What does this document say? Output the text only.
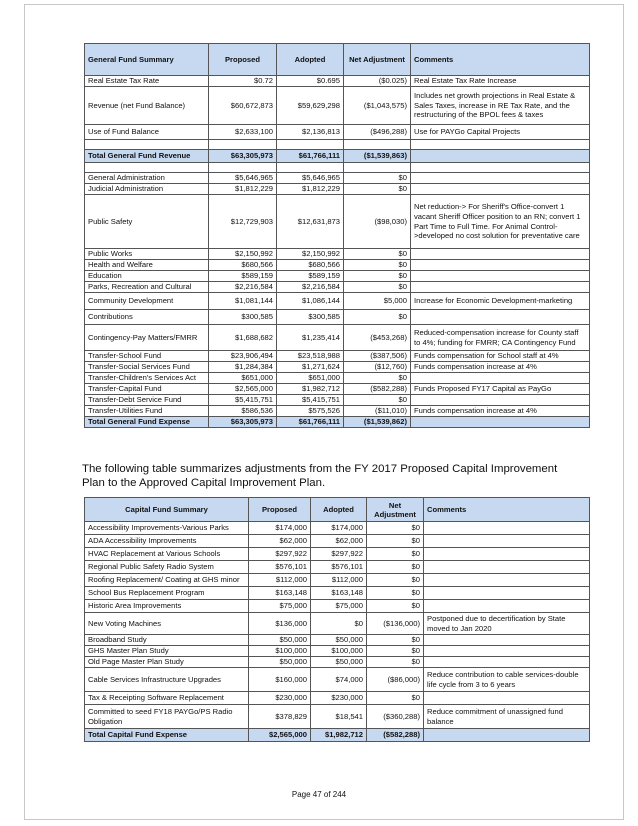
General Fund Summary	Proposed	Adopted	Net Adjustment	Comments
Real Estate Tax Rate	$0.72	$0.695	($0.025)	Real Estate Tax Rate Increase
Revenue (net Fund Balance)	$60,672,873	$59,629,298	($1,043,575)	Includes net growth projections in Real Estate & Sales Taxes, increase in RE Tax Rate, and the restructuring of the BPOL fees & taxes
Use of Fund Balance	$2,633,100	$2,136,813	($496,288)	Use for PAYGo Capital Projects

Total General Fund Revenue	$63,305,973	$61,766,111	($1,539,863)	

General Administration	$5,646,965	$5,646,965	$0	
Judicial Administration	$1,812,229	$1,812,229	$0	
Public Safety	$12,729,903	$12,631,873	($98,030)	Net reduction-> For Sheriff's Office-convert 1 vacant Sheriff Officer position to an RN; convert 1 Part Time to Full Time. For Animal Control->developed no cost solution for preventative care
Public Works	$2,150,992	$2,150,992	$0	
Health and Welfare	$680,566	$680,566	$0	
Education	$589,159	$589,159	$0	
Parks, Recreation and Cultural	$2,216,584	$2,216,584	$0	
Community Development	$1,081,144	$1,086,144	$5,000	Increase for Economic Development-marketing
Contributions	$300,585	$300,585	$0	
Contingency-Pay Matters/FMRR	$1,688,682	$1,235,414	($453,268)	Reduced-compensation increase for County staff to 4%; funding for FMRR; CA Contingency Fund
Transfer-School Fund	$23,906,494	$23,518,988	($387,506)	Funds compensation for School staff at 4%
Transfer-Social Services Fund	$1,284,384	$1,271,624	($12,760)	Funds compensation increase at 4%
Transfer-Children's Services Act	$651,000	$651,000	$0	
Transfer-Capital Fund	$2,565,000	$1,982,712	($582,288)	Funds Proposed FY17 Capital as PayGo
Transfer-Debt Service Fund	$5,415,751	$5,415,751	$0	
Transfer-Utilities Fund	$586,536	$575,526	($11,010)	Funds compensation increase at 4%
Total General Fund Expense	$63,305,973	$61,766,111	($1,539,862)	
The following table summarizes adjustments from the FY 2017 Proposed Capital Improvement Plan to the Approved Capital Improvement Plan.
Capital Fund Summary	Proposed	Adopted	Net Adjustment	Comments
Accessibility Improvements-Various Parks	$174,000	$174,000	$0	
ADA Accessibility Improvements	$62,000	$62,000	$0	
HVAC Replacement at Various Schools	$297,922	$297,922	$0	
Regional Public Safety Radio System	$576,101	$576,101	$0	
Roofing Replacement/ Coating at GHS minor	$112,000	$112,000	$0	
School Bus Replacement Program	$163,148	$163,148	$0	
Historic Area Improvements	$75,000	$75,000	$0	
New Voting Machines	$136,000	$0	($136,000)	Postponed due to decertification by State moved to Jan 2020
Broadband Study	$50,000	$50,000	$0	
GHS Master Plan Study	$100,000	$100,000	$0	
Old Page Master Plan Study	$50,000	$50,000	$0	
Cable Services Infrastructure Upgrades	$160,000	$74,000	($86,000)	Reduce contribution to cable services-double life cycle from 3 to 6 years
Tax & Receipting Software Replacement	$230,000	$230,000	$0	
Committed to seed FY18 PAYGo/PS Radio Obligation	$378,829	$18,541	($360,288)	Reduce commitment of unassigned fund balance
Total Capital Fund Expense	$2,565,000	$1,982,712	($582,288)	
Page 47 of 244
